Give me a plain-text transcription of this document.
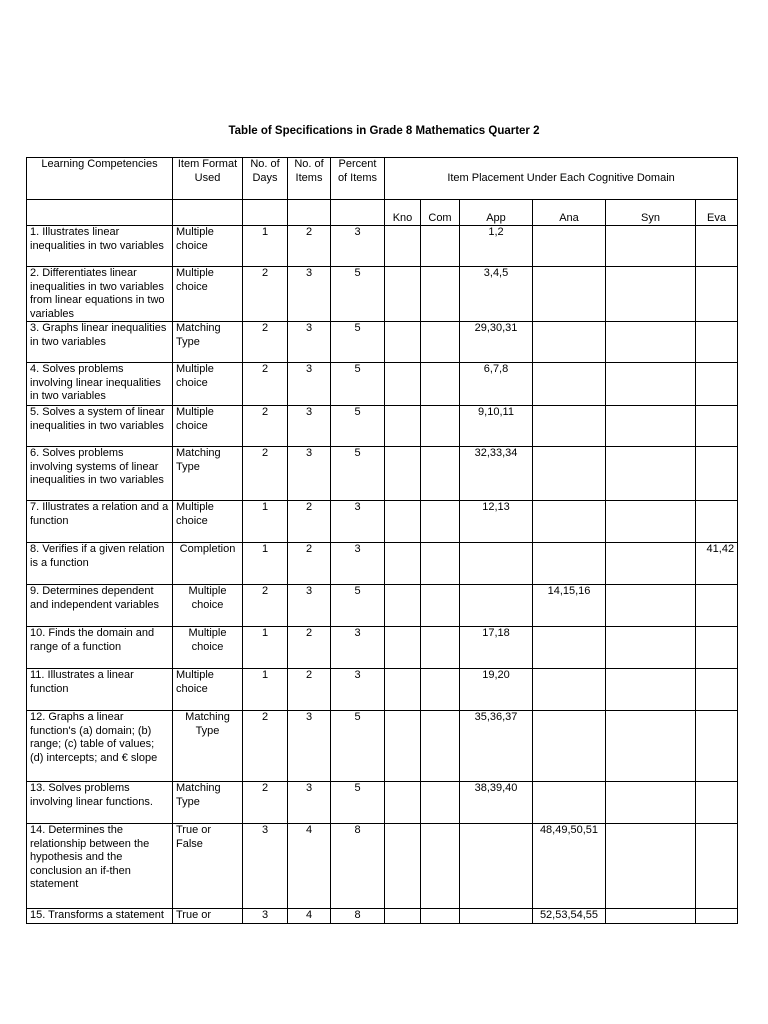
Table of Specifications in Grade 8 Mathematics Quarter 2
Learning Competencies	Item Format Used	No. of Days	No. of Items	Percent of Items	Item Placement Under Each Cognitive Domain					
					Kno	Com	App	Ana	Syn	Eva
1. Illustrates linear inequalities in two variables	Multiple choice	1	2	3			1,2			
2. Differentiates linear inequalities in two variables from linear equations in two variables	Multiple choice	2	3	5			3,4,5			
3. Graphs linear inequalities in two variables	Matching Type	2	3	5			29,30,31			
4. Solves problems involving linear inequalities in two variables	Multiple choice	2	3	5			6,7,8			
5. Solves a system of linear inequalities in two variables	Multiple choice	2	3	5			9,10,11			
6. Solves problems involving systems of linear inequalities in two variables	Matching Type	2	3	5			32,33,34			
7. Illustrates a relation and a function	Multiple choice	1	2	3			12,13			
8. Verifies if a given relation is a function	Completion	1	2	3						41,42
9. Determines dependent and independent variables	Multiple choice	2	3	5				14,15,16		
10. Finds the domain and range of a function	Multiple choice	1	2	3			17,18			
11. Illustrates a linear function	Multiple choice	1	2	3			19,20			
12. Graphs a linear function's (a) domain; (b) range; (c) table of values; (d) intercepts; and € slope	Matching Type	2	3	5			35,36,37			
13. Solves problems involving linear functions.	Matching Type	2	3	5			38,39,40			
14. Determines the relationship between the hypothesis and the conclusion an if-then statement	True or False	3	4	8				48,49,50,51		
15. Transforms a statement	True or	3	4	8				52,53,54,55		
